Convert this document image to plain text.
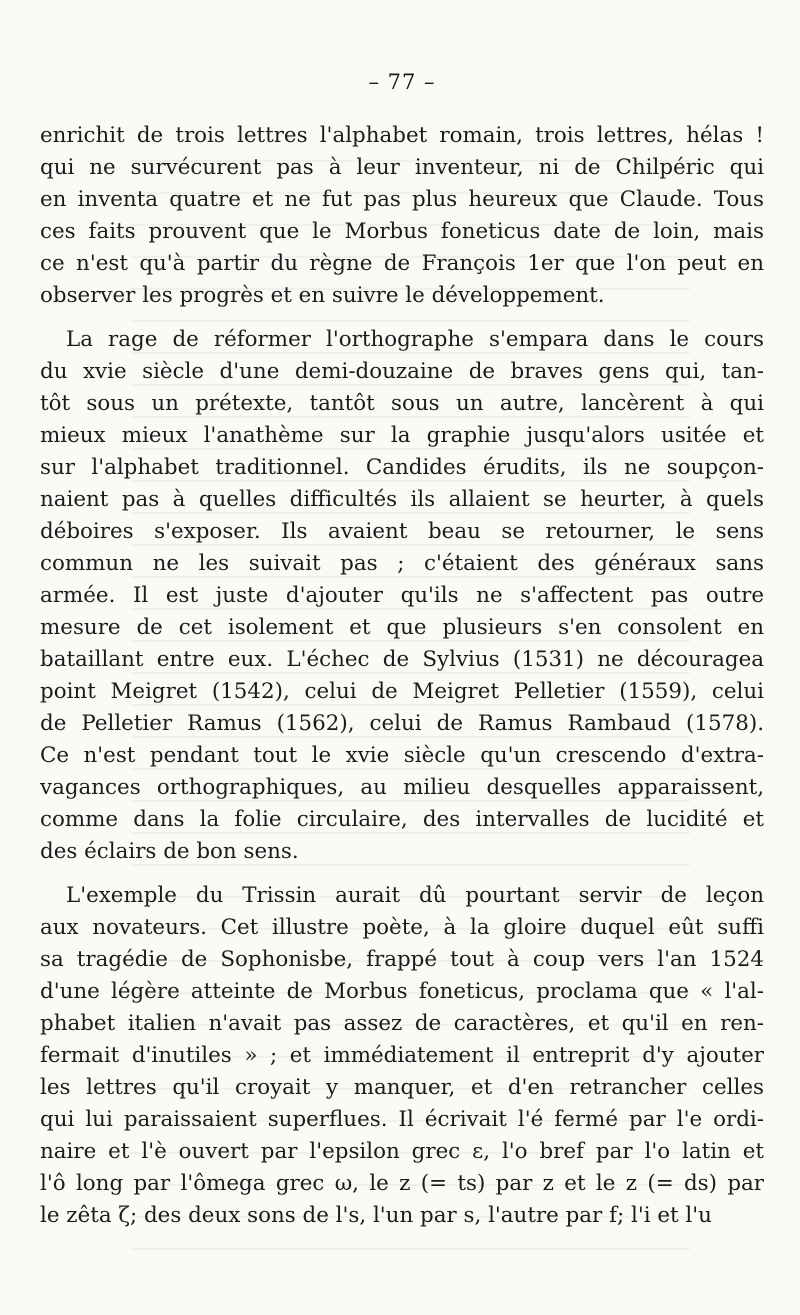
– 77 –
enrichit de trois lettres l'alphabet romain, trois lettres, hélas !
qui ne survécurent pas à leur inventeur, ni de Chilpéric qui
en inventa quatre et ne fut pas plus heureux que Claude. Tous
ces faits prouvent que le Morbus foneticus date de loin, mais
ce n'est qu'à partir du règne de François 1er que l'on peut en
observer les progrès et en suivre le développement.
La rage de réformer l'orthographe s'empara dans le cours
du xvie siècle d'une demi-douzaine de braves gens qui, tan-
tôt sous un prétexte, tantôt sous un autre, lancèrent à qui
mieux mieux l'anathème sur la graphie jusqu'alors usitée et
sur l'alphabet traditionnel. Candides érudits, ils ne soupçon-
naient pas à quelles difficultés ils allaient se heurter, à quels
déboires s'exposer. Ils avaient beau se retourner, le sens
commun ne les suivait pas ; c'étaient des généraux sans
armée. Il est juste d'ajouter qu'ils ne s'affectent pas outre
mesure de cet isolement et que plusieurs s'en consolent en
bataillant entre eux. L'échec de Sylvius (1531) ne découragea
point Meigret (1542), celui de Meigret Pelletier (1559), celui
de Pelletier Ramus (1562), celui de Ramus Rambaud (1578).
Ce n'est pendant tout le xvie siècle qu'un crescendo d'extra-
vagances orthographiques, au milieu desquelles apparaissent,
comme dans la folie circulaire, des intervalles de lucidité et
des éclairs de bon sens.
L'exemple du Trissin aurait dû pourtant servir de leçon
aux novateurs. Cet illustre poète, à la gloire duquel eût suffi
sa tragédie de Sophonisbe, frappé tout à coup vers l'an 1524
d'une légère atteinte de Morbus foneticus, proclama que « l'al-
phabet italien n'avait pas assez de caractères, et qu'il en ren-
fermait d'inutiles » ; et immédiatement il entreprit d'y ajouter
les lettres qu'il croyait y manquer, et d'en retrancher celles
qui lui paraissaient superflues. Il écrivait l'é fermé par l'e ordi-
naire et l'è ouvert par l'epsilon grec ε, l'o bref par l'o latin et
l'ô long par l'ômega grec ω, le z (= ts) par z et le z (= ds) par
le zêta ζ; des deux sons de l's, l'un par s, l'autre par f; l'i et l'u
